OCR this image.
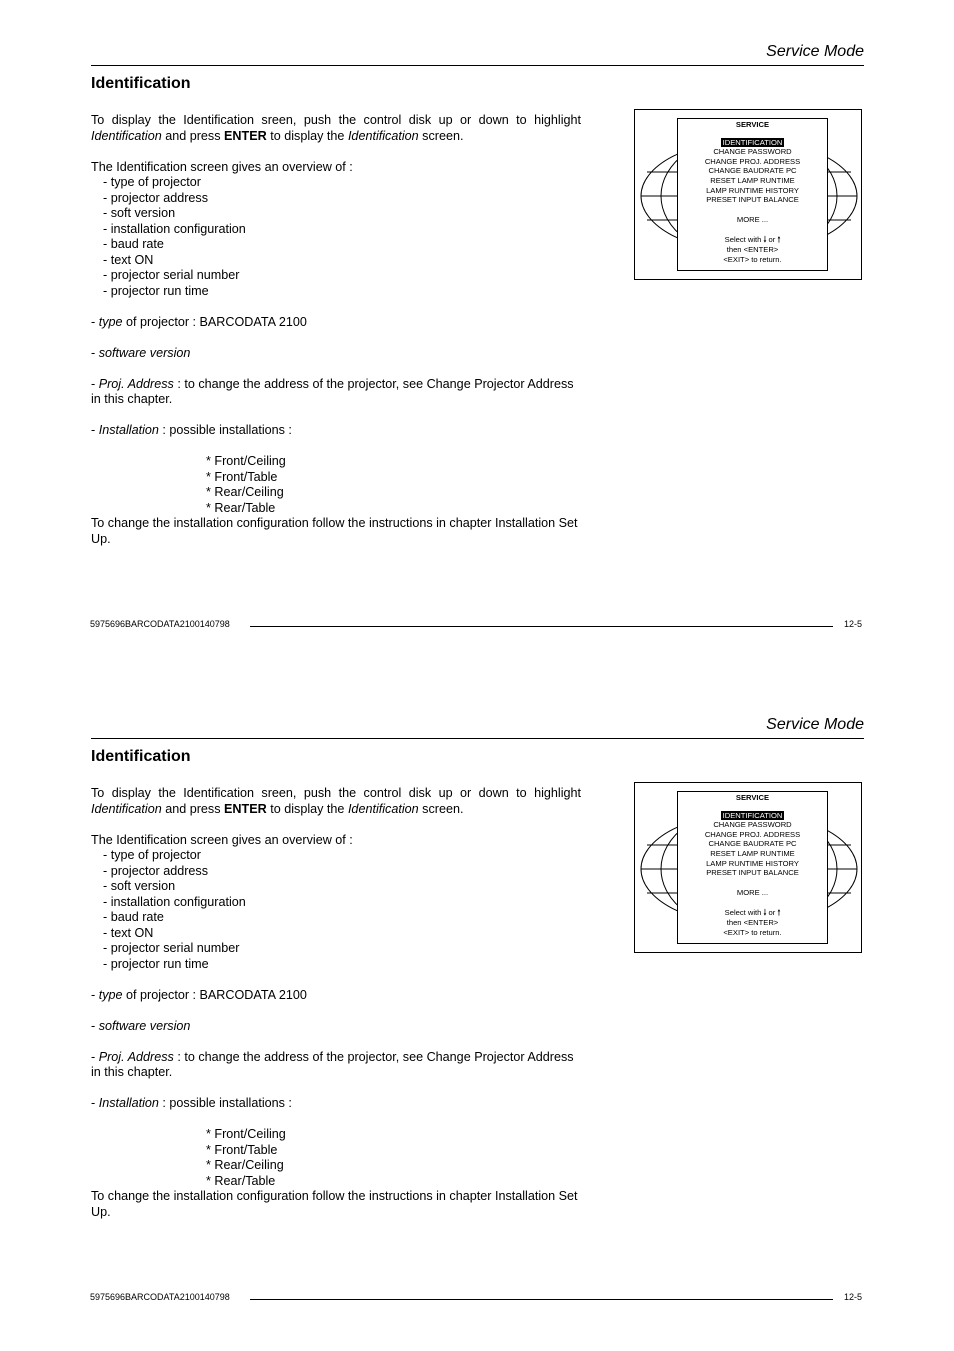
Service Mode
Identification

To display the Identification sreen, push the control disk up or down to highlight

Identification and press ENTER to display the Identification screen.

The Identification screen gives an overview of :

- type of projector

- projector address

- soft version

- installation configuration

- baud rate

- text ON

- projector serial number

- projector run time

- type of projector : BARCODATA 2100

- software version

- Proj. Address : to change the address of the projector, see Change Projector Address in this chapter.

- Installation : possible installations :

* Front/Ceiling

* Front/Table

* Rear/Ceiling

* Rear/Table

To change the installation configuration follow the instructions in chapter Installation Set Up.

SERVICE
IDENTIFICATION
CHANGE PASSWORD
CHANGE PROJ. ADDRESS
CHANGE BAUDRATE PC
RESET LAMP RUNTIME
LAMP RUNTIME HISTORY
PRESET INPUT BALANCE
MORE ...
Select with 🠓 or 🠑
then <ENTER>
<EXIT> to return.
5975696BARCODATA2100140798	12-5
Service Mode
Identification

To display the Identification sreen, push the control disk up or down to highlight

Identification and press ENTER to display the Identification screen.

The Identification screen gives an overview of :

- type of projector

- projector address

- soft version

- installation configuration

- baud rate

- text ON

- projector serial number

- projector run time

- type of projector : BARCODATA 2100

- software version

- Proj. Address : to change the address of the projector, see Change Projector Address in this chapter.

- Installation : possible installations :

* Front/Ceiling

* Front/Table

* Rear/Ceiling

* Rear/Table

To change the installation configuration follow the instructions in chapter Installation Set Up.

SERVICE
IDENTIFICATION
CHANGE PASSWORD
CHANGE PROJ. ADDRESS
CHANGE BAUDRATE PC
RESET LAMP RUNTIME
LAMP RUNTIME HISTORY
PRESET INPUT BALANCE
MORE ...
Select with 🠓 or 🠑
then <ENTER>
<EXIT> to return.
5975696BARCODATA2100140798	12-5
